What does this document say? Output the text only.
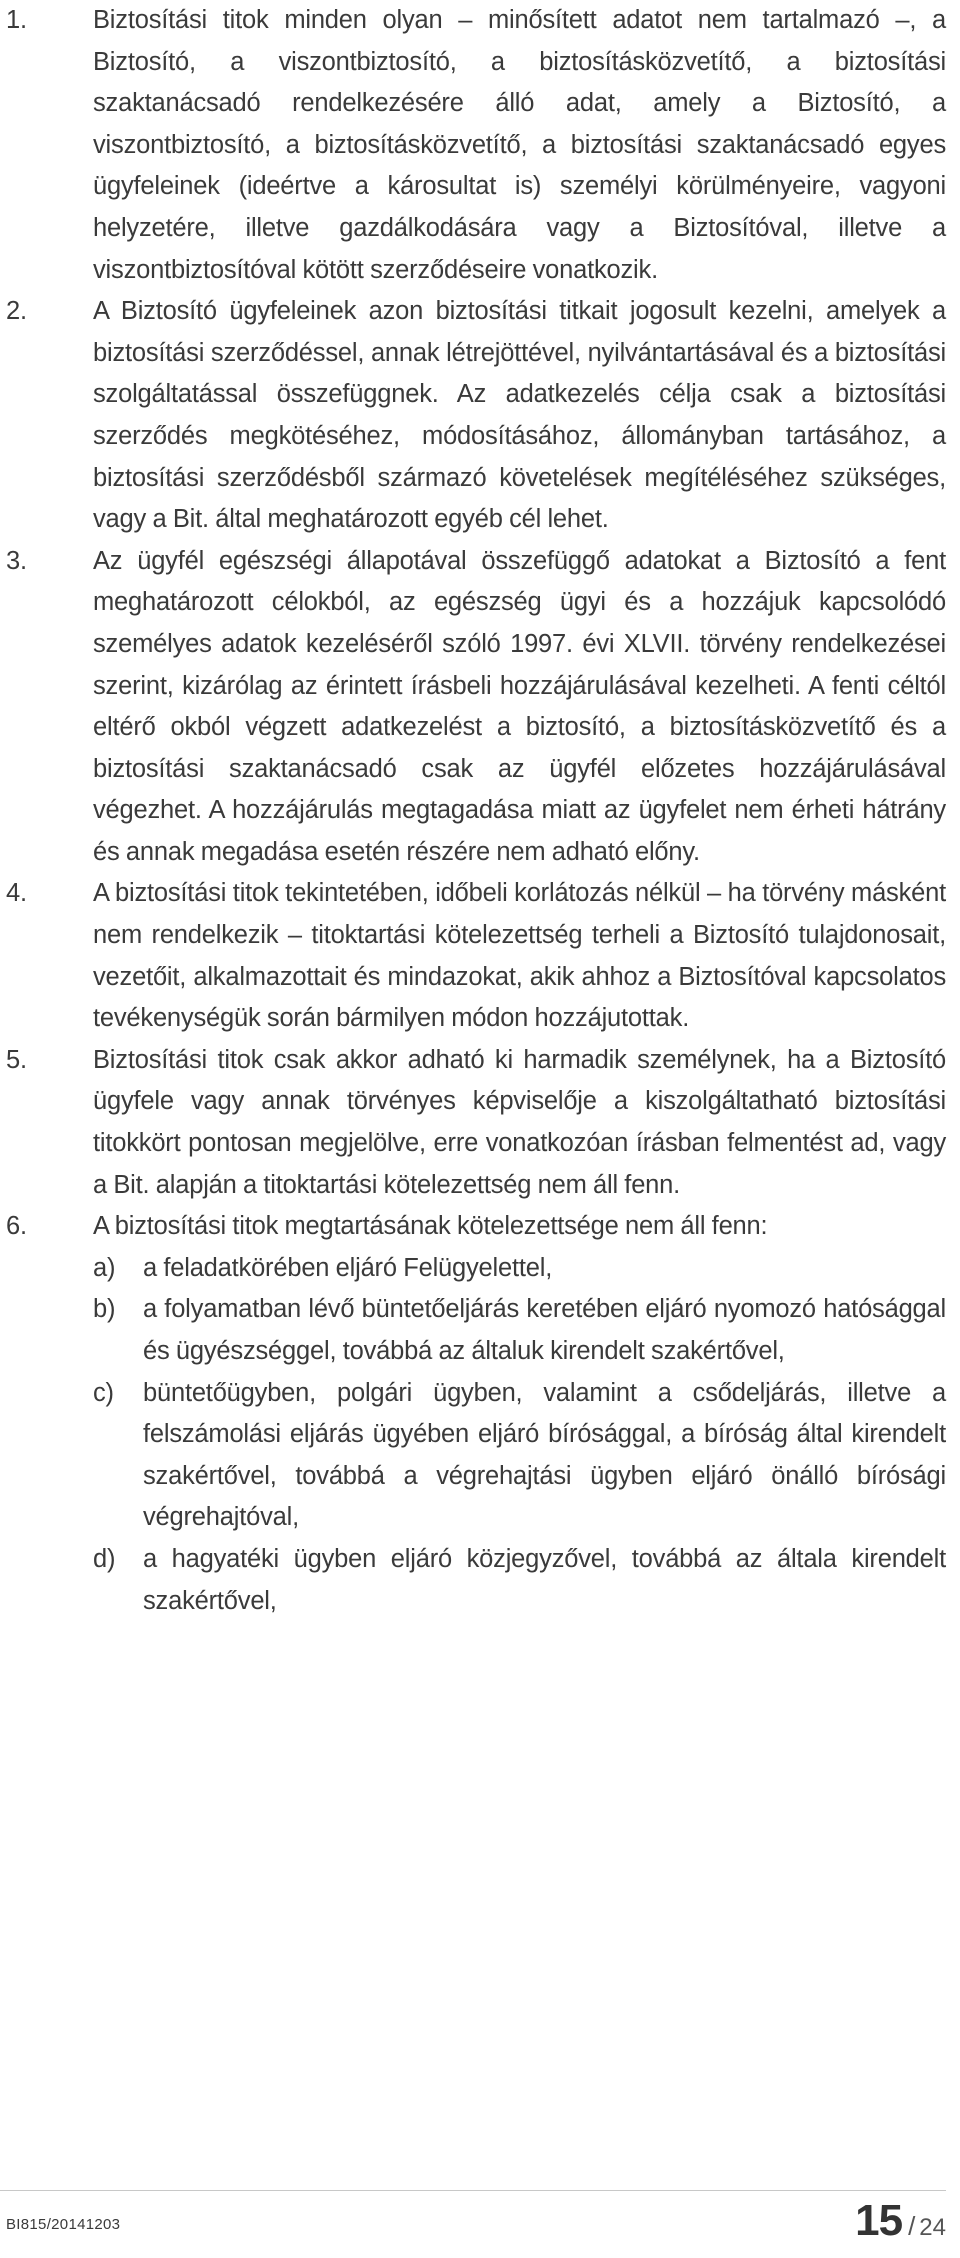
1.	Biztosítási titok minden olyan – minősített adatot nem tartalmazó –, a Biztosító, a viszontbiztosító, a biztosításközvetítő, a biztosítási szaktanácsadó rendelkezésére álló adat, amely a Biztosító, a viszontbiztosító, a biztosításközvetítő, a biztosítási szaktanácsadó egyes ügyfeleinek (ideértve a károsultat is) személyi körülményeire, vagyoni helyzetére, illetve gazdálkodására vagy a Biztosítóval, illetve a viszontbiztosítóval kötött szerződéseire vonatkozik.
2.	A Biztosító ügyfeleinek azon biztosítási titkait jogosult kezelni, amelyek a biztosítási szerződéssel, annak létrejöttével, nyilvántartásával és a biztosítási szolgáltatással összefüggnek. Az adatkezelés célja csak a biztosítási szerződés megkötéséhez, módosításához, állományban tartásához, a biztosítási szerződésből származó követelések megítéléséhez szükséges, vagy a Bit. által meghatározott egyéb cél lehet.
3.	Az ügyfél egészségi állapotával összefüggő adatokat a Biztosító a fent meghatározott célokból, az egészség ügyi és a hozzájuk kapcsolódó személyes adatok kezeléséről szóló 1997. évi XLVII. törvény rendelkezései szerint, kizárólag az érintett írásbeli hozzájárulásával kezelheti. A fenti céltól eltérő okból végzett adatkezelést a biztosító, a biztosításközvetítő és a biztosítási szaktanácsadó csak az ügyfél előzetes hozzájárulásával végezhet. A hozzájárulás megtagadása miatt az ügyfelet nem érheti hátrány és annak megadása esetén részére nem adható előny.
4.	A biztosítási titok tekintetében, időbeli korlátozás nélkül – ha törvény másként nem rendelkezik – titoktartási kötelezettség terheli a Biztosító tulajdonosait, vezetőit, alkalmazottait és mindazokat, akik ahhoz a Biztosítóval kapcsolatos tevékenységük során bármilyen módon hozzájutottak.
5.	Biztosítási titok csak akkor adható ki harmadik személynek, ha a Biztosító ügyfele vagy annak törvényes képviselője a kiszolgáltatható biztosítási titokkört pontosan megjelölve, erre vonatkozóan írásban felmentést ad, vagy a Bit. alapján a titoktartási kötelezettség nem áll fenn.
6.	A biztosítási titok megtartásának kötelezettsége nem áll fenn:
a) a feladatkörében eljáró Felügyelettel,
b) a folyamatban lévő büntetőeljárás keretében eljáró nyomozó hatósággal és ügyészséggel, továbbá az általuk kirendelt szakértővel,
c) büntetőügyben, polgári ügyben, valamint a csődeljárás, illetve a felszámolási eljárás ügyében eljáró bírósággal, a bíróság által kirendelt szakértővel, továbbá a végrehajtási ügyben eljáró önálló bírósági végrehajtóval,
d) a hagyatéki ügyben eljáró közjegyzővel, továbbá az általa kirendelt szakértővel,
BI815/20141203	15 / 24
